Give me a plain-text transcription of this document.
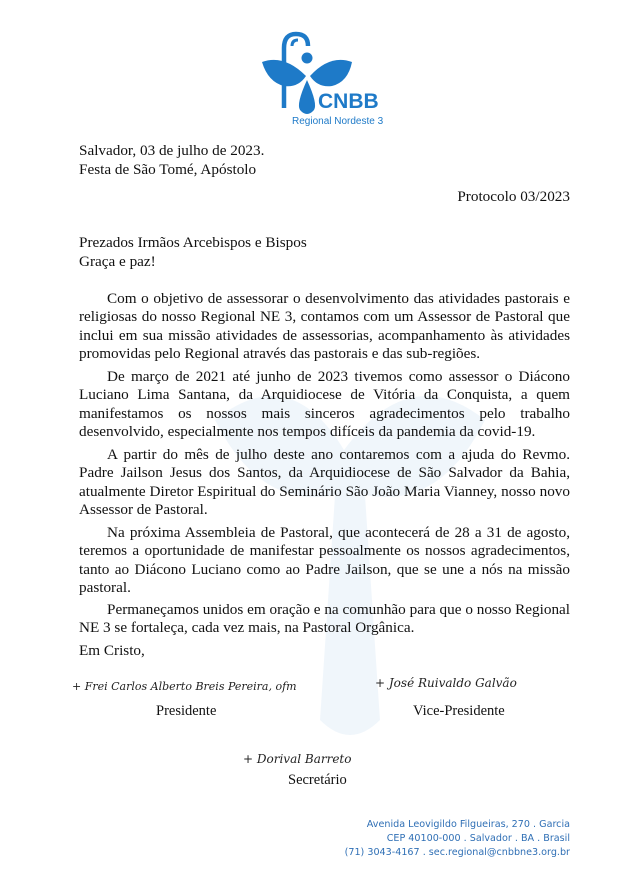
CNBB
Regional Nordeste 3
Salvador, 03 de julho de 2023.
Festa de São Tomé, Apóstolo
Protocolo 03/2023
Prezados Irmãos Arcebispos e Bispos
Graça e paz!

Com o objetivo de assessorar o desenvolvimento das atividades pastorais e religiosas do nosso Regional NE 3, contamos com um Assessor de Pastoral que inclui em sua missão atividades de assessorias, acompanhamento às atividades promovidas pelo Regional através das pastorais e das sub-regiões.

De março de 2021 até junho de 2023 tivemos como assessor o Diácono Luciano Lima Santana, da Arquidiocese de Vitória da Conquista, a quem manifestamos os nossos mais sinceros agradecimentos pelo trabalho desenvolvido, especialmente nos tempos difíceis da pandemia da covid-19.

A partir do mês de julho deste ano contaremos com a ajuda do Revmo. Padre Jailson Jesus dos Santos, da Arquidiocese de São Salvador da Bahia, atualmente Diretor Espiritual do Seminário São João Maria Vianney, nosso novo Assessor de Pastoral.

Na próxima Assembleia de Pastoral, que acontecerá de 28 a 31 de agosto, teremos a oportunidade de manifestar pessoalmente os nossos agradecimentos, tanto ao Diácono Luciano como ao Padre Jailson, que se une a nós na missão pastoral.

Permaneçamos unidos em oração e na comunhão para que o nosso Regional NE 3 se fortaleça, cada vez mais, na Pastoral Orgânica.

Em Cristo,
+ Frei Carlos Alberto Breis Pereira, ofm
Presidente
+ José Ruivaldo Galvão
Vice-Presidente
+ Dorival Barreto
Secretário
Avenida Leovigildo Filgueiras, 270 . Garcia
CEP 40100-000 . Salvador . BA . Brasil
(71) 3043-4167 . sec.regional@cnbbne3.org.br
